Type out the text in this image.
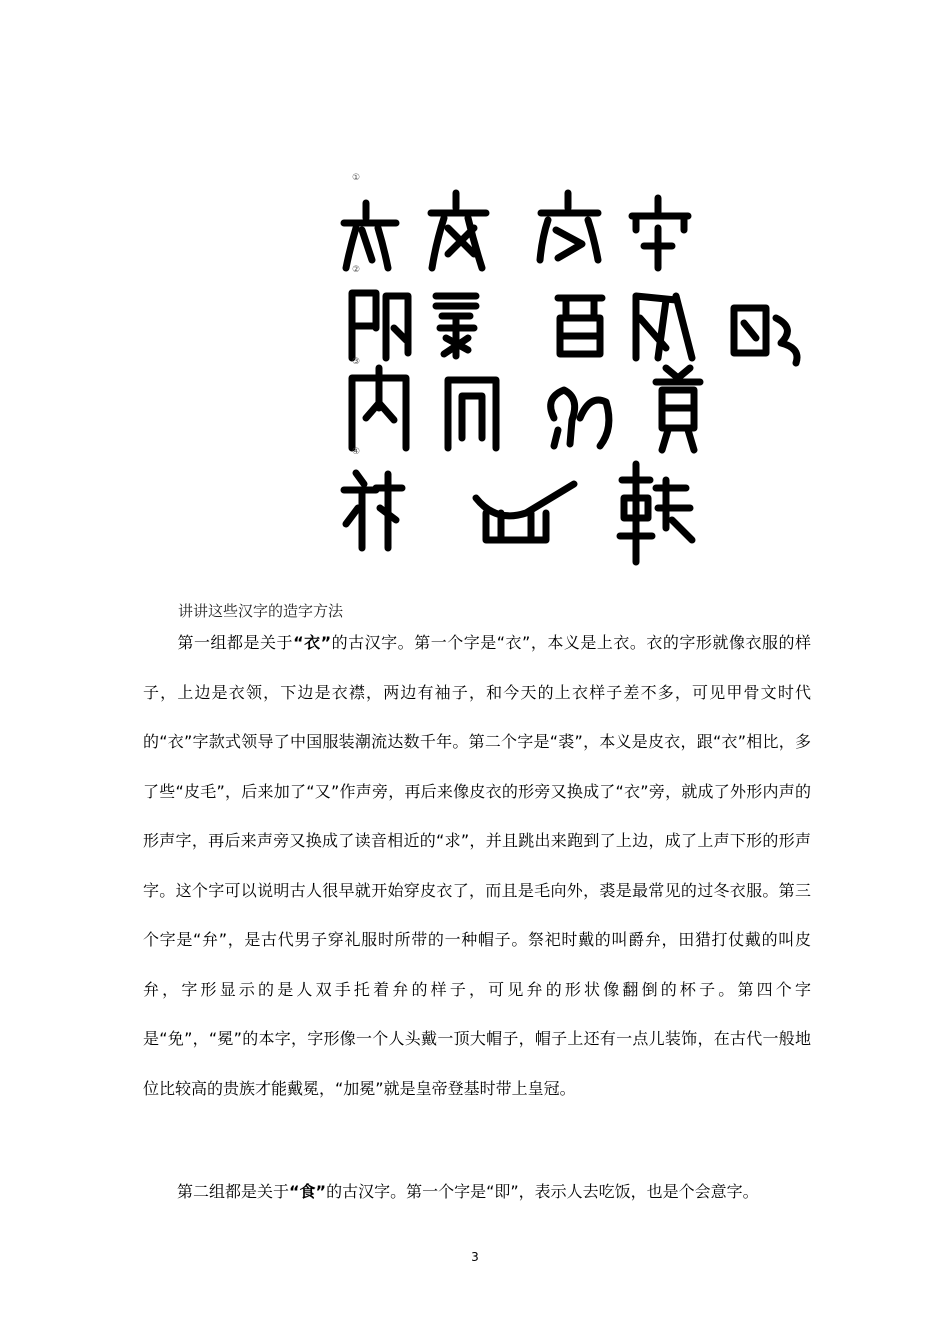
①
②
③
④
讲讲这些汉字的造字方法
第一组都是关于“衣”的古汉字。第一个字是“衣”，本义是上衣。衣的字形就像衣服的样子，上边是衣领，下边是衣襟，两边有袖子，和今天的上衣样子差不多，可见甲骨文时代的“衣”字款式领导了中国服装潮流达数千年。第二个字是“裘”，本义是皮衣，跟“衣”相比，多了些“皮毛”，后来加了“又”作声旁，再后来像皮衣的形旁又换成了“衣”旁，就成了外形内声的形声字，再后来声旁又换成了读音相近的“求”，并且跳出来跑到了上边，成了上声下形的形声字。这个字可以说明古人很早就开始穿皮衣了，而且是毛向外，裘是最常见的过冬衣服。第三个字是“弁”，是古代男子穿礼服时所带的一种帽子。祭祀时戴的叫爵弁，田猎打仗戴的叫皮弁，字形显示的是人双手托着弁的样子，可见弁的形状像翻倒的杯子。第四个字是“免”，“冕”的本字，字形像一个人头戴一顶大帽子，帽子上还有一点儿装饰，在古代一般地位比较高的贵族才能戴冕，“加冕”就是皇帝登基时带上皇冠。
第二组都是关于“食”的古汉字。第一个字是“即”，表示人去吃饭，也是个会意字。
3
